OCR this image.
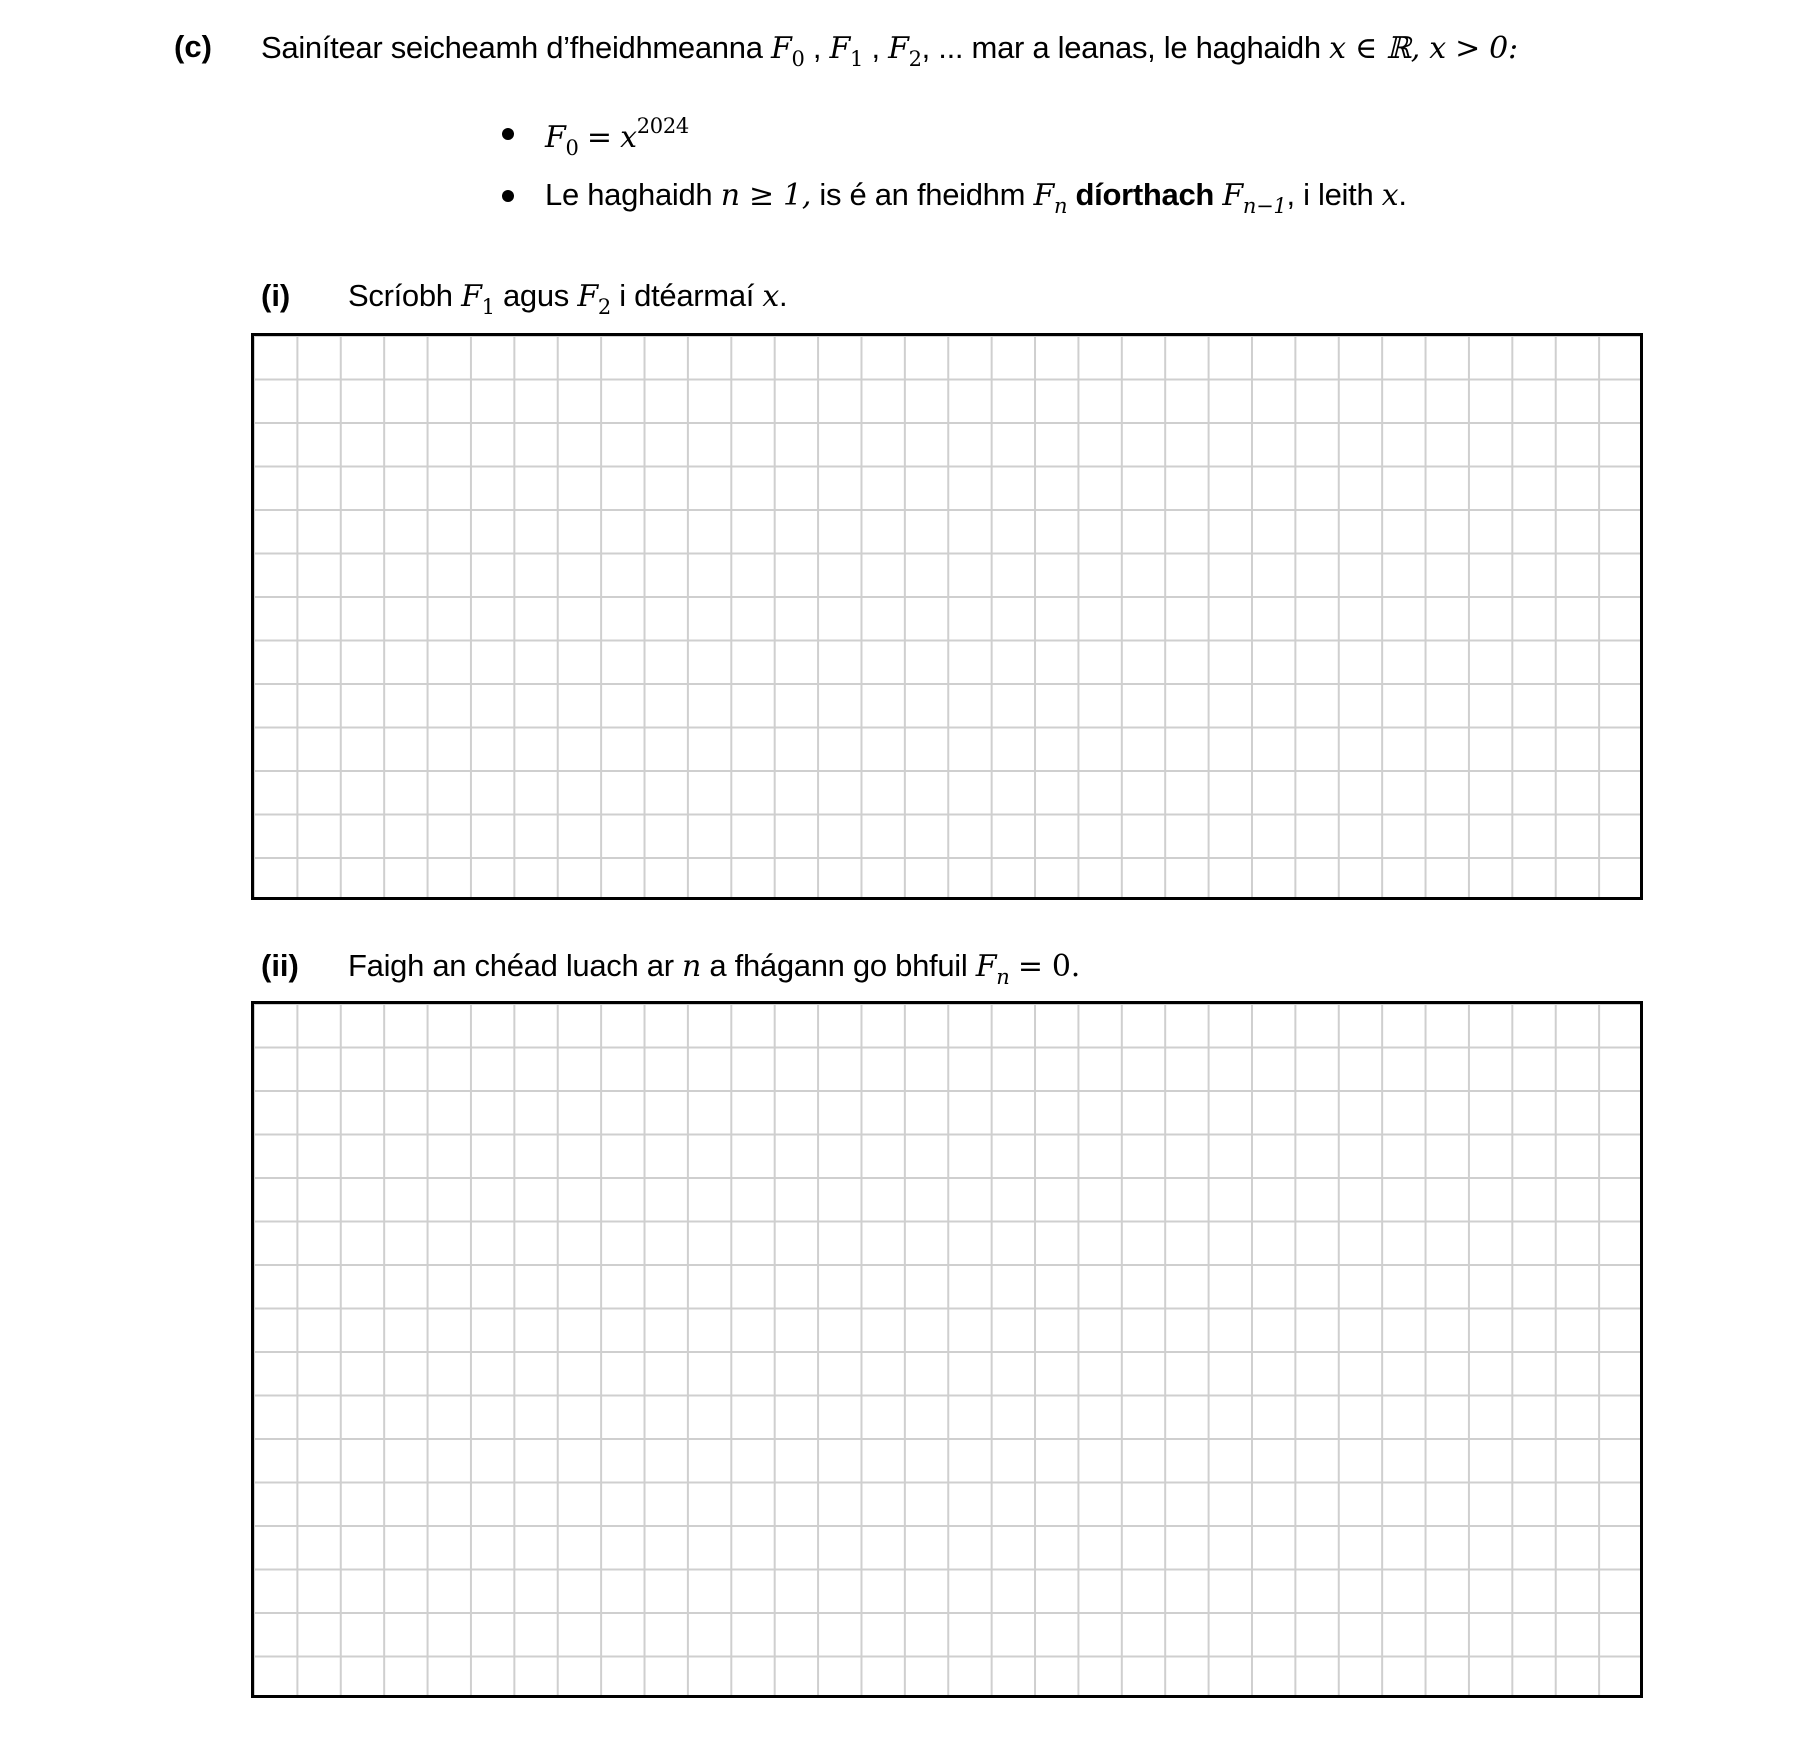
(c) Sainítear seicheamh d’fheidhmeanna $F_0$ , $F_1$ , $F_2$, ... mar a leanas, le haghaidh x ∈ ℝ, x > 0:
$F_0 = x^{2024}$
Le haghaidh n ≥ 1, is é an fheidhm $F_n$ díorthach $F_{n-1}$, i leith x.
(i) Scríobh $F_1$ agus $F_2$ i dtéarmaí x.
(ii) Faigh an chéad luach ar n a fhágann go bhfuil $F_n = 0$.
